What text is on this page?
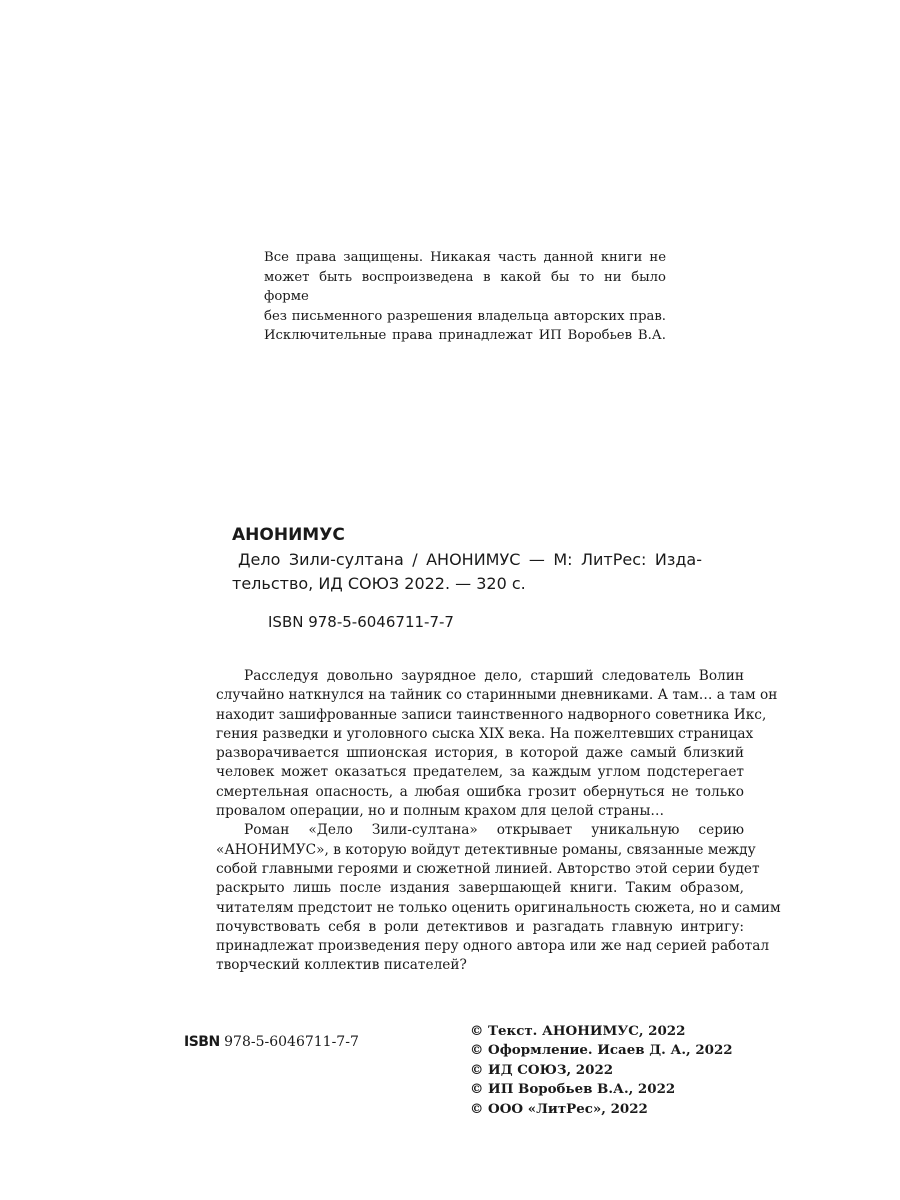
Все права защищены. Никакая часть данной книги не
может быть воспроизведена в какой бы то ни было форме
без письменного разрешения владельца авторских прав.
Исключительные права принадлежат ИП Воробьев В.А.
АНОНИМУС
Дело Зили-султана / АНОНИМУС — М: ЛитРес: Изда-
тельство, ИД СОЮЗ 2022. — 320 с.
ISBN 978-5-6046711-7-7
Расследуя довольно заурядное дело, старший следователь Волин
случайно наткнулся на тайник со старинными дневниками. А там… а там он
находит зашифрованные записи таинственного надворного советника Икс,
гения разведки и уголовного сыска XIX века. На пожелтевших страницах
разворачивается шпионская история, в которой даже самый близкий
человек может оказаться предателем, за каждым углом подстерегает
смертельная опасность, а любая ошибка грозит обернуться не только
провалом операции, но и полным крахом для целой страны…
Роман «Дело Зили-султана» открывает уникальную серию
«АНОНИМУС», в которую войдут детективные романы, связанные между
собой главными героями и сюжетной линией. Авторство этой серии будет
раскрыто лишь после издания завершающей книги. Таким образом,
читателям предстоит не только оценить оригинальность сюжета, но и самим
почувствовать себя в роли детективов и разгадать главную интригу:
принадлежат произведения перу одного автора или же над серией работал
творческий коллектив писателей?
ISBN 978-5-6046711-7-7
© Текст. АНОНИМУС, 2022
© Оформление. Исаев Д. А., 2022
© ИД СОЮЗ, 2022
© ИП Воробьев В.А., 2022
© ООО «ЛитРес», 2022
